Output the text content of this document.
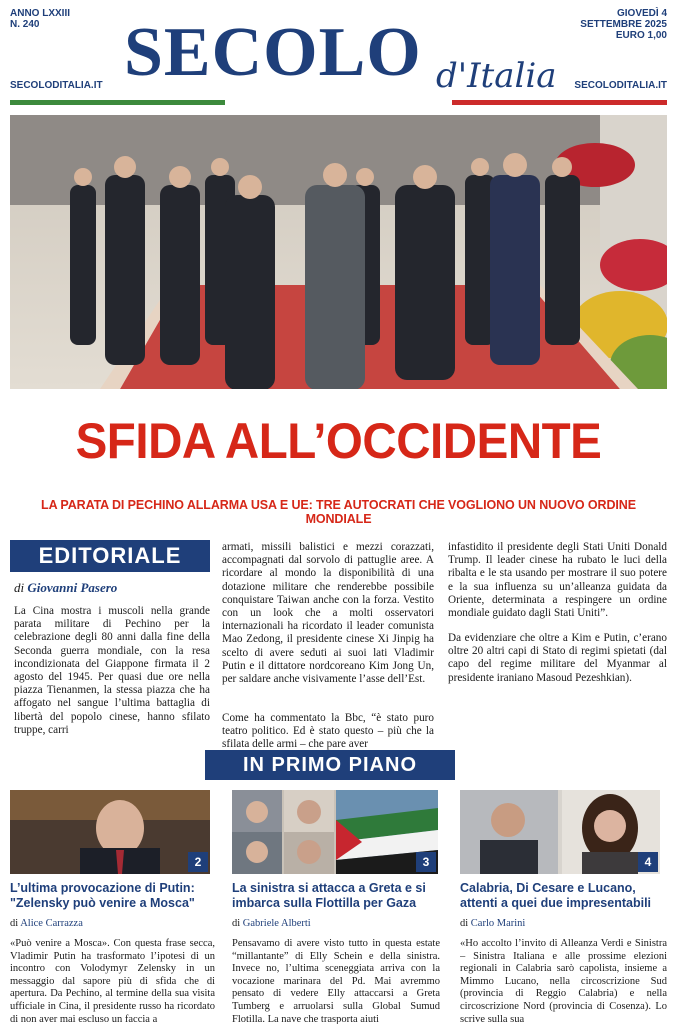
ANNO LXXIII
N. 240
SECOLODITALIA.IT SECOLO d'Italia
GIOVEDÌ 4
SETTEMBRE 2025
EURO 1,00
SECOLODITALIA.IT
SFIDA ALL’OCCIDENTE
LA PARATA DI PECHINO ALLARMA USA E UE: TRE AUTOCRATI CHE VOGLIONO UN NUOVO ORDINE MONDIALE
EDITORIALE
di Giovanni Pasero
La Cina mostra i muscoli nella grande parata militare di Pechino per la celebrazione degli 80 anni dalla fine della Seconda guerra mondiale, con la resa incondizionata del Giappone firmata il 2 agosto del 1945. Per quasi due ore nella piazza Tienanmen, la stessa piazza che ha affogato nel sangue l’ultima battaglia di libertà del popolo cinese, hanno sfilato truppe, carri
armati, missili balistici e mezzi corazzati, accompagnati dal sorvolo di pattuglie aree. A ricordare al mondo la disponibilità di una dotazione militare che renderebbe possibile conquistare Taiwan anche con la forza. Vestito con un look che a molti osservatori internazionali ha ricordato il leader comunista Mao Zedong, il presidente cinese Xi Jinpig ha scelto di avere seduti ai suoi lati Vladimir Putin e il dittatore nordcoreano Kim Jong Un, per saldare anche visivamente l’asse dell’Est.
Come ha commentato la Bbc, “è stato puro teatro politico. Ed è stato questo – più che la sfilata delle armi – che pare aver
infastidito il presidente degli Stati Uniti Donald Trump. Il leader cinese ha rubato le luci della ribalta e le sta usando per mostrare il suo potere e la sua influenza su un’alleanza guidata da Oriente, determinata a respingere un ordine mondiale guidato dagli Stati Uniti”.
Da evidenziare che oltre a Kim e Putin, c’erano oltre 20 altri capi di Stato di regimi spietati (dal capo del regime militare del Myanmar al presidente iraniano Masoud Pezeshkian).
IN PRIMO PIANO
2
L’ultima provocazione di Putin: "Zelensky può venire a Mosca"
di Alice Carrazza
«Può venire a Mosca». Con questa frase secca, Vladimir Putin ha trasformato l’ipotesi di un incontro con Volodymyr Zelensky in un messaggio dal sapore più di sfida che di apertura. Da Pechino, al termine della sua visita ufficiale in Cina, il presidente russo ha ricordato di non aver mai escluso un faccia a
3
La sinistra si attacca a Greta e si imbarca sulla Flottilla per Gaza
di Gabriele Alberti
Pensavamo di avere visto tutto in questa estate “millantante” di Elly Schein e della sinistra. Invece no, l’ultima sceneggiata arriva con la vocazione marinara del Pd. Mai avremmo pensato di vedere Elly attaccarsi a Greta Tumberg e arruolarsi sulla Global Sumud Flotilla. La nave che trasporta aiuti
4
Calabria, Di Cesare e Lucano, attenti a quei due impresentabili
di Carlo Marini
«Ho accolto l’invito di Alleanza Verdi e Sinistra – Sinistra Italiana e alle prossime elezioni regionali in Calabria sarò capolista, insieme a Mimmo Lucano, nella circoscrizione Sud (provincia di Reggio Calabria) e nella circoscrizione Nord (provincia di Cosenza). Lo scrive sulla sua
